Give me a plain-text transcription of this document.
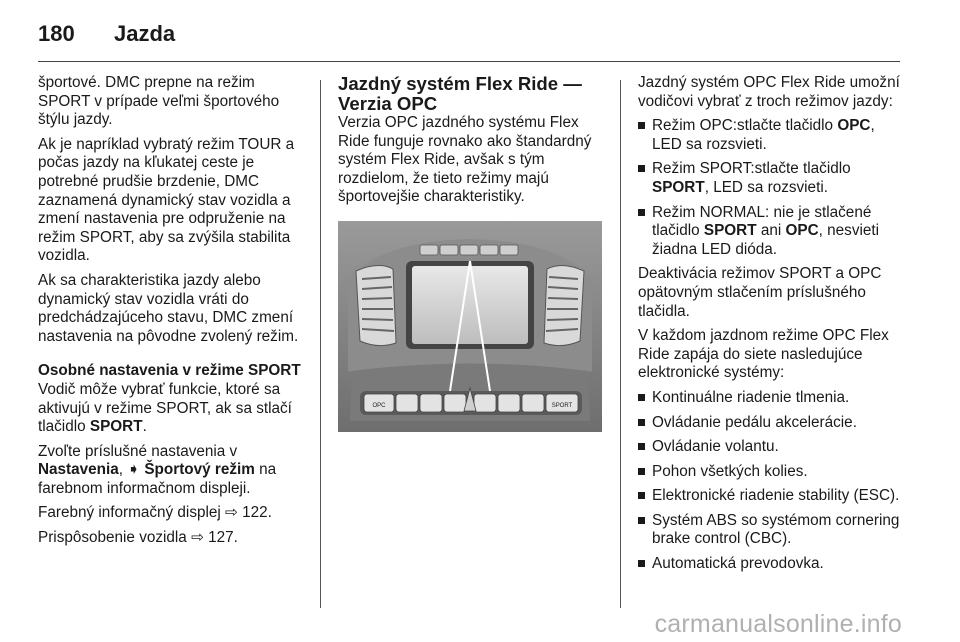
180	Jazda

športové. DMC prepne na režim SPORT v prípade veľmi športového štýlu jazdy.

Ak je napríklad vybratý režim TOUR a počas jazdy na kľukatej ceste je potrebné prudšie brzdenie, DMC zaznamená dynamický stav vozidla a zmení nastavenia pre odpruženie na režim SPORT, aby sa zvýšila stabilita vozidla.

Ak sa charakteristika jazdy alebo dynamický stav vozidla vráti do predchádzajúceho stavu, DMC zmení nastavenia na pôvodne zvolený režim.

Osobné nastavenia v režime SPORT

Vodič môže vybrať funkcie, ktoré sa aktivujú v režime SPORT, ak sa stlačí tlačidlo SPORT.

Zvoľte príslušné nastavenia v Nastavenia, ➧ Športový režim na farebnom informačnom displeji.

Farebný informačný displej ⇨ 122.

Prispôsobenie vozidla ⇨ 127.

Jazdný systém Flex Ride — Verzia OPC

Verzia OPC jazdného systému Flex Ride funguje rovnako ako štandardný systém Flex Ride, avšak s tým rozdielom, že tieto režimy majú športovejšie charakteristiky.

OPC	SPORT

Jazdný systém OPC Flex Ride umožní vodičovi vybrať z troch režimov jazdy:

Režim OPC:stlačte tlačidlo OPC, LED sa rozsvieti.
Režim SPORT:stlačte tlačidlo SPORT, LED sa rozsvieti.
Režim NORMAL: nie je stlačené tlačidlo SPORT ani OPC, nesvieti žiadna LED dióda.

Deaktivácia režimov SPORT a OPC opätovným stlačením príslušného tlačidla.

V každom jazdnom režime OPC Flex Ride zapája do siete nasledujúce elektronické systémy:

Kontinuálne riadenie tlmenia.
Ovládanie pedálu akcelerácie.
Ovládanie volantu.
Pohon všetkých kolies.
Elektronické riadenie stability (ESC).
Systém ABS so systémom cornering brake control (CBC).
Automatická prevodovka.
carmanualsonline.info
